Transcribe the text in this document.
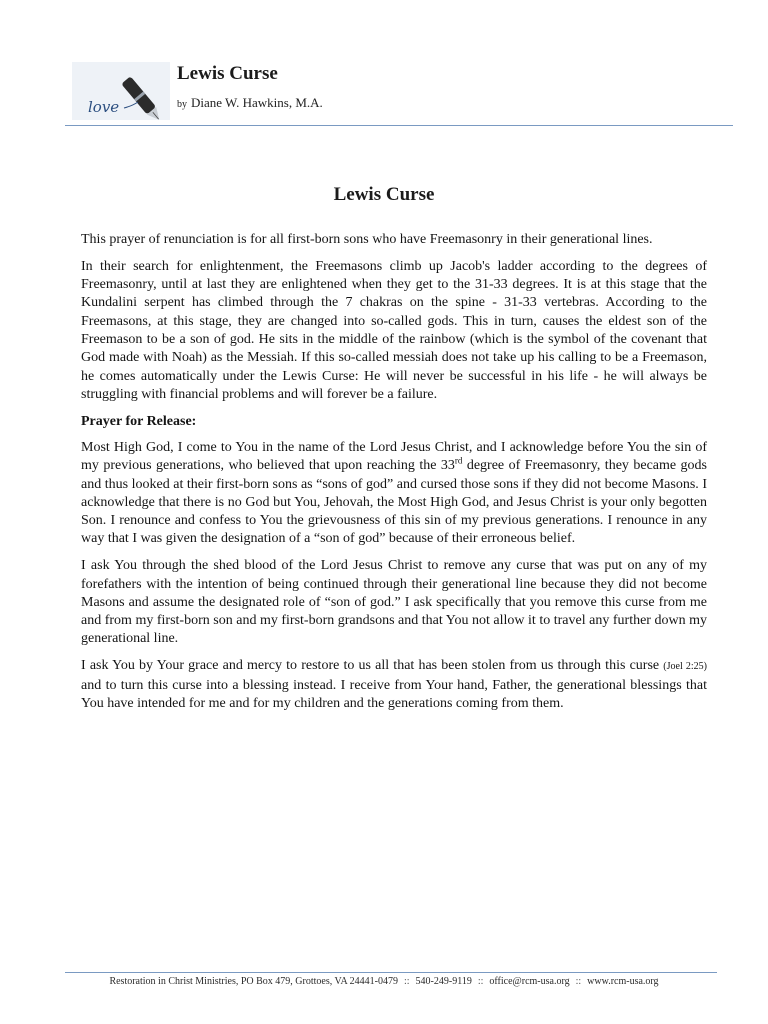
love
Lewis Curse
by Diane W. Hawkins, M.A.
Lewis Curse

This prayer of renunciation is for all first-born sons who have Freemasonry in their generational lines.

In their search for enlightenment, the Freemasons climb up Jacob's ladder according to the degrees of Freemasonry, until at last they are enlightened when they get to the 31-33 degrees. It is at this stage that the Kundalini serpent has climbed through the 7 chakras on the spine - 31-33 vertebras. According to the Freemasons, at this stage, they are changed into so-called gods. This in turn, causes the eldest son of the Freemason to be a son of god. He sits in the middle of the rainbow (which is the symbol of the covenant that God made with Noah) as the Messiah. If this so-called messiah does not take up his calling to be a Freemason, he comes automatically under the Lewis Curse: He will never be successful in his life - he will always be struggling with financial problems and will forever be a failure.

Prayer for Release:

Most High God, I come to You in the name of the Lord Jesus Christ, and I acknowledge before You the sin of my previous generations, who believed that upon reaching the 33rd degree of Freemasonry, they became gods and thus looked at their first-born sons as “sons of god” and cursed those sons if they did not become Masons. I acknowledge that there is no God but You, Jehovah, the Most High God, and Jesus Christ is your only begotten Son. I renounce and confess to You the grievousness of this sin of my previous generations. I renounce in any way that I was given the designation of a “son of god” because of their erroneous belief.

I ask You through the shed blood of the Lord Jesus Christ to remove any curse that was put on any of my forefathers with the intention of being continued through their generational line because they did not become Masons and assume the designated role of “son of god.” I ask specifically that you remove this curse from me and from my first-born son and my first-born grandsons and that You not allow it to travel any further down my generational line.

I ask You by Your grace and mercy to restore to us all that has been stolen from us through this curse (Joel 2:25) and to turn this curse into a blessing instead. I receive from Your hand, Father, the generational blessings that You have intended for me and for my children and the generations coming from them.

Restoration in Christ Ministries, PO Box 479, Grottoes, VA 24441-0479 :: 540-249-9119 :: office@rcm-usa.org :: www.rcm-usa.org
